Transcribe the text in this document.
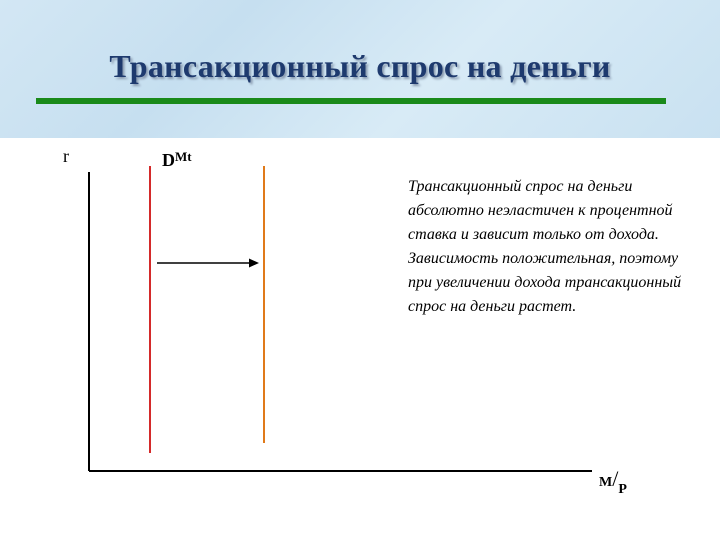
Трансакционный спрос на деньги
r	$D^{Mt}$
M/P
Трансакционный спрос на деньги абсолютно неэластичен к процентной ставка и зависит только от дохода. Зависимость положительная, поэтому при увеличении дохода трансакционный спрос на деньги растет.
